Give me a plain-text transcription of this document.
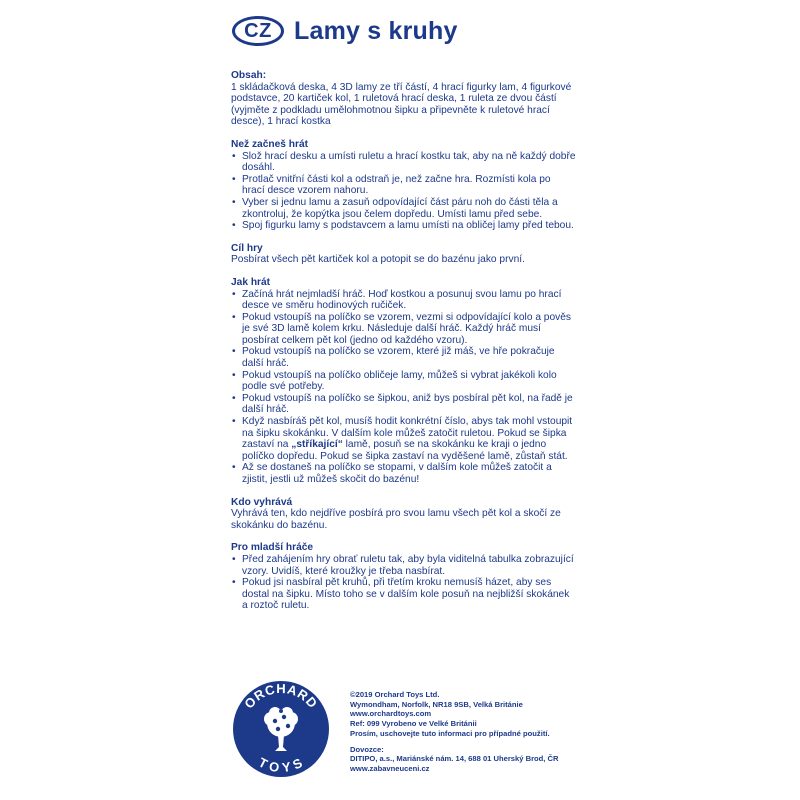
CZ Lamy s kruhy
Obsah:

1 skládačková deska, 4 3D lamy ze tří částí, 4 hrací figurky lam, 4 figurkové podstavce, 20 kartiček kol, 1 ruletová hrací deska, 1 ruleta ze dvou částí (vyjměte z podkladu umělohmotnou šipku a připevněte k ruletové hrací desce), 1 hrací kostka

Než začneš hrát
• Slož hrací desku a umísti ruletu a hrací kostku tak, aby na ně každý dobře dosáhl.
• Protlač vnitřní části kol a odstraň je, než začne hra. Rozmísti kola po hrací desce vzorem nahoru.
• Vyber si jednu lamu a zasuň odpovídající část páru noh do části těla a zkontroluj, že kopýtka jsou čelem dopředu. Umísti lamu před sebe.
• Spoj figurku lamy s podstavcem a lamu umísti na obličej lamy před tebou.
Cíl hry

Posbírat všech pět kartiček kol a potopit se do bazénu jako první.

Jak hrát
• Začíná hrát nejmladší hráč. Hoď kostkou a posunuj svou lamu po hrací desce ve směru hodinových ručiček.
• Pokud vstoupíš na políčko se vzorem, vezmi si odpovídající kolo a pověs je své 3D lamě kolem krku. Následuje další hráč. Každý hráč musí posbírat celkem pět kol (jedno od každého vzoru).
• Pokud vstoupíš na políčko se vzorem, které již máš, ve hře pokračuje další hráč.
• Pokud vstoupíš na políčko obličeje lamy, můžeš si vybrat jakékoli kolo podle své potřeby.
• Pokud vstoupíš na políčko se šipkou, aniž bys posbíral pět kol, na řadě je další hráč.
• Když nasbíráš pět kol, musíš hodit konkrétní číslo, abys tak mohl vstoupit na šipku skokánku. V dalším kole můžeš zatočit ruletou. Pokud se šipka zastaví na „stříkající“ lamě, posuň se na skokánku ke kraji o jedno políčko dopředu. Pokud se šipka zastaví na vyděšené lamě, zůstaň stát.
• Až se dostaneš na políčko se stopami, v dalším kole můžeš zatočit a zjistit, jestli už můžeš skočit do bazénu!
Kdo vyhrává

Vyhrává ten, kdo nejdříve posbírá pro svou lamu všech pět kol a skočí ze skokánku do bazénu.

Pro mladší hráče
• Před zahájením hry obrať ruletu tak, aby byla viditelná tabulka zobrazující vzory. Uvidíš, které kroužky je třeba nasbírat.
• Pokud jsi nasbíral pět kruhů, při třetím kroku nemusíš házet, aby ses dostal na šipku. Místo toho se v dalším kole posuň na nejbližší skokánek a roztoč ruletu.
ORCHARD
TOYS

©2019 Orchard Toys Ltd.

Wymondham, Norfolk, NR18 9SB, Velká Británie

www.orchardtoys.com

Ref: 099 Vyrobeno ve Velké Británii

Prosím, uschovejte tuto informaci pro případné použití.

Dovozce:

DITIPO, a.s., Mariánské nám. 14, 688 01 Uherský Brod, ČR

www.zabavneuceni.cz
